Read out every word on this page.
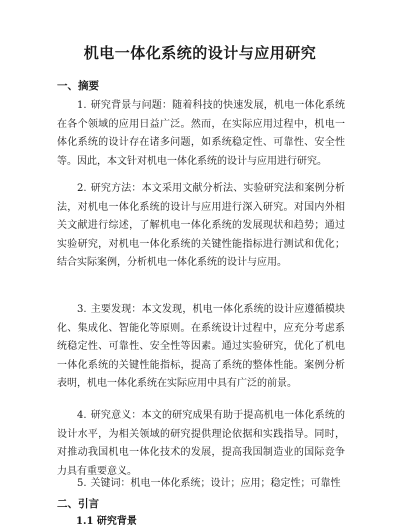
机电一体化系统的设计与应用研究
一、摘要

1. 研究背景与问题：随着科技的快速发展，机电一体化系统在各个领域的应用日益广泛。然而，在实际应用过程中，机电一体化系统的设计存在诸多问题，如系统稳定性、可靠性、安全性等。因此，本文针对机电一体化系统的设计与应用进行研究。

2. 研究方法：本文采用文献分析法、实验研究法和案例分析法，对机电一体化系统的设计与应用进行深入研究。对国内外相关文献进行综述，了解机电一体化系统的发展现状和趋势；通过实验研究，对机电一体化系统的关键性能指标进行测试和优化；结合实际案例，分析机电一体化系统的设计与应用。

3. 主要发现：本文发现，机电一体化系统的设计应遵循模块化、集成化、智能化等原则。在系统设计过程中，应充分考虑系统稳定性、可靠性、安全性等因素。通过实验研究，优化了机电一体化系统的关键性能指标，提高了系统的整体性能。案例分析表明，机电一体化系统在实际应用中具有广泛的前景。

4. 研究意义：本文的研究成果有助于提高机电一体化系统的设计水平，为相关领域的研究提供理论依据和实践指导。同时，对推动我国机电一体化技术的发展，提高我国制造业的国际竞争力具有重要意义。

5. 关键词：机电一体化系统；设计；应用；稳定性；可靠性

二、引言
1.1 研究背景
